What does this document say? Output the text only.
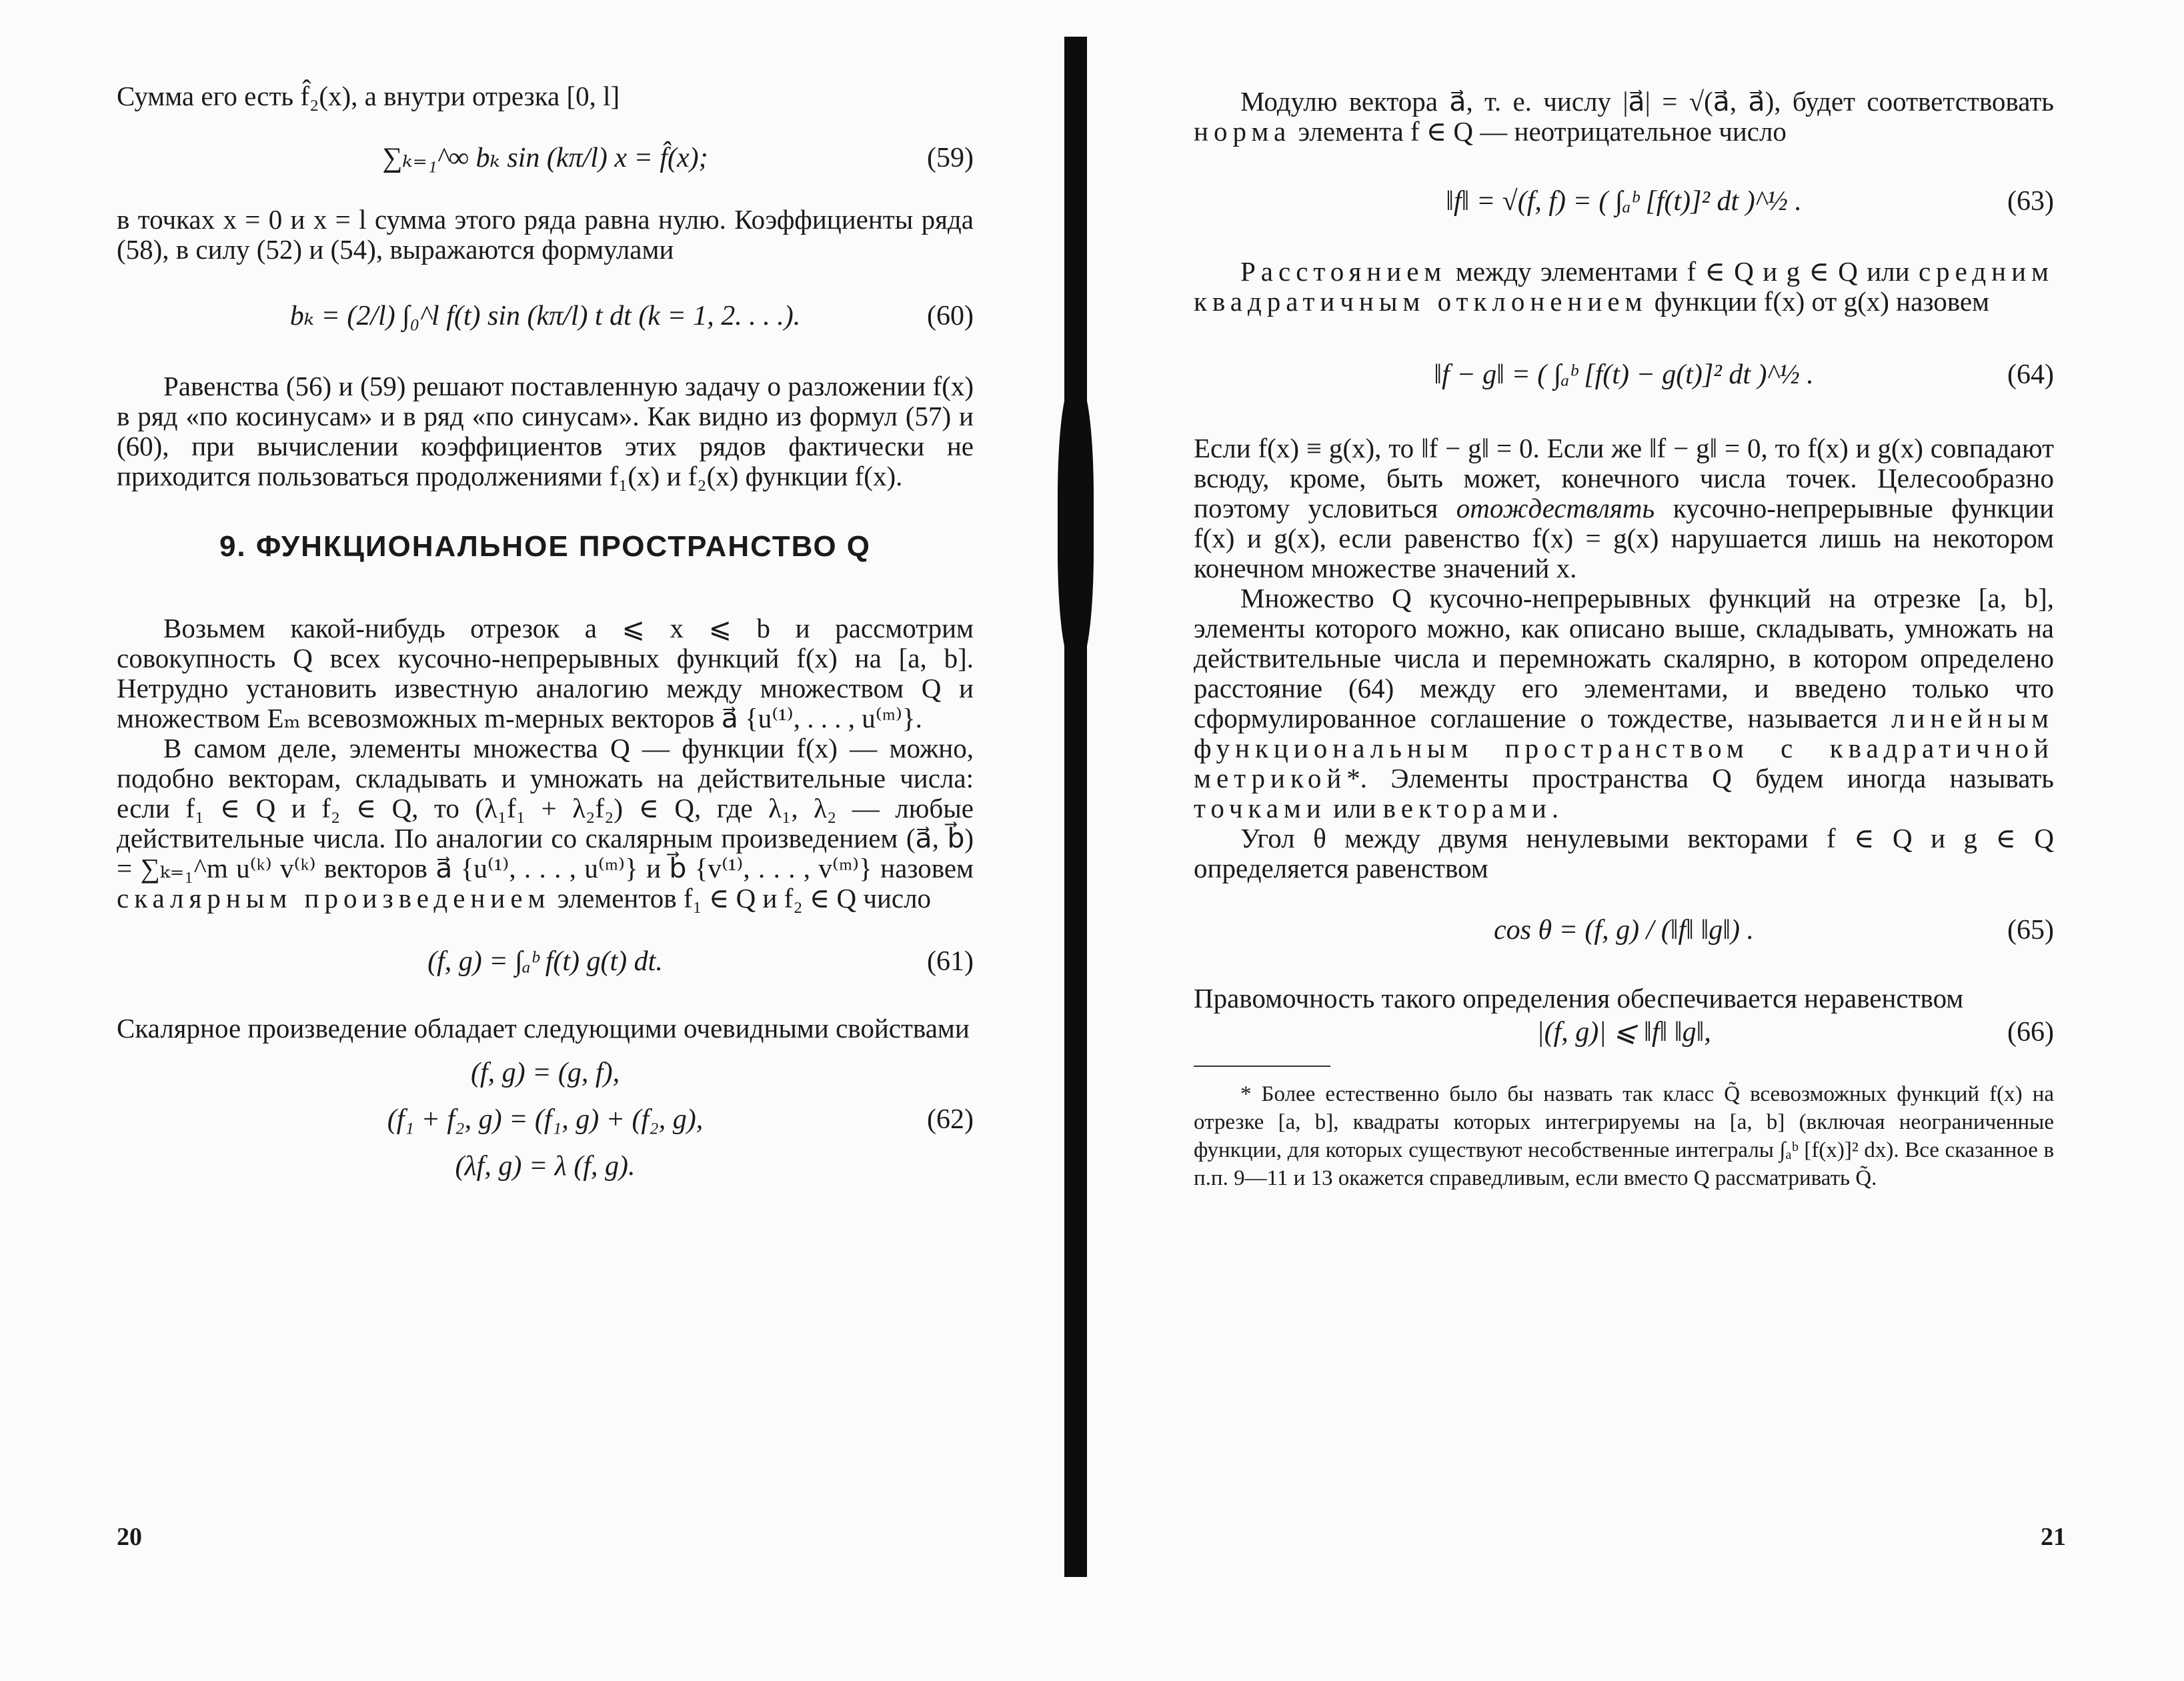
Сумма его есть f̂₂(x), а внутри отрезка [0, l]

∑ₖ₌₁^∞ bₖ sin (kπ/l) x = f̂(x);	(59)

в точках x = 0 и x = l сумма этого ряда равна нулю. Коэффициенты ряда (58), в силу (52) и (54), выражаются формулами

bₖ = (2/l) ∫₀^l f(t) sin (kπ/l) t dt (k = 1, 2. . . .).	(60)

Равенства (56) и (59) решают поставленную задачу о разложении f(x) в ряд «по косинусам» и в ряд «по синусам». Как видно из формул (57) и (60), при вычислении коэффициентов этих рядов фактически не приходится пользоваться продолжениями f₁(x) и f₂(x) функции f(x).

9. ФУНКЦИОНАЛЬНОЕ ПРОСТРАНСТВО Q

Возьмем какой-нибудь отрезок a ⩽ x ⩽ b и рассмотрим совокупность Q всех кусочно-непрерывных функций f(x) на [a, b]. Нетрудно установить известную аналогию между множеством Q и множеством Eₘ всевозможных m-мерных векторов a⃗ {u⁽¹⁾, . . . , u⁽ᵐ⁾}.

В самом деле, элементы множества Q — функции f(x) — можно, подобно векторам, складывать и умножать на действительные числа: если f₁ ∈ Q и f₂ ∈ Q, то (λ₁f₁ + λ₂f₂) ∈ Q, где λ₁, λ₂ — любые действительные числа. По аналогии со скалярным произведением (a⃗, b⃗) = ∑ₖ₌₁^m u⁽ᵏ⁾ v⁽ᵏ⁾ векторов a⃗ {u⁽¹⁾, . . . , u⁽ᵐ⁾} и b⃗ {v⁽¹⁾, . . . , v⁽ᵐ⁾} назовем скалярным произведением элементов f₁ ∈ Q и f₂ ∈ Q число

(f, g) = ∫ₐᵇ f(t) g(t) dt.	(61)

Скалярное произведение обладает следующими очевидными свойствами

(f, g) = (g, f),
(f₁ + f₂, g) = (f₁, g) + (f₂, g),
(λf, g) = λ (f, g).
(62)
20

Модулю вектора a⃗, т. е. числу |a⃗| = √(a⃗, a⃗), будет соответствовать норма элемента f ∈ Q — неотрицательное число

‖f‖ = √(f, f) = ( ∫ₐᵇ [f(t)]² dt )^½ .	(63)

Расстоянием между элементами f ∈ Q и g ∈ Q или средним квадратичным отклонением функции f(x) от g(x) назовем

‖f − g‖ = ( ∫ₐᵇ [f(t) − g(t)]² dt )^½ .	(64)

Если f(x) ≡ g(x), то ‖f − g‖ = 0. Если же ‖f − g‖ = 0, то f(x) и g(x) совпадают всюду, кроме, быть может, конечного числа точек. Целесообразно поэтому условиться отождествлять кусочно-непрерывные функции f(x) и g(x), если равенство f(x) = g(x) нарушается лишь на некотором конечном множестве значений x.

Множество Q кусочно-непрерывных функций на отрезке [a, b], элементы которого можно, как описано выше, складывать, умножать на действительные числа и перемножать скалярно, в котором определено расстояние (64) между его элементами, и введено только что сформулированное соглашение о тождестве, называется линейным функциональным пространством с квадратичной метрикой*. Элементы пространства Q будем иногда называть точками или векторами.

Угол θ между двумя ненулевыми векторами f ∈ Q и g ∈ Q определяется равенством

cos θ = (f, g) / (‖f‖ ‖g‖) .	(65)

Правомочность такого определения обеспечивается неравенством

|(f, g)| ⩽ ‖f‖ ‖g‖,	(66)

* Более естественно было бы назвать так класс Q̃ всевозможных функций f(x) на отрезке [a, b], квадраты которых интегрируемы на [a, b] (включая неограниченные функции, для которых существуют несобственные интегралы ∫ₐᵇ [f(x)]² dx). Все сказанное в п.п. 9—11 и 13 окажется справедливым, если вместо Q рассматривать Q̃.

21
